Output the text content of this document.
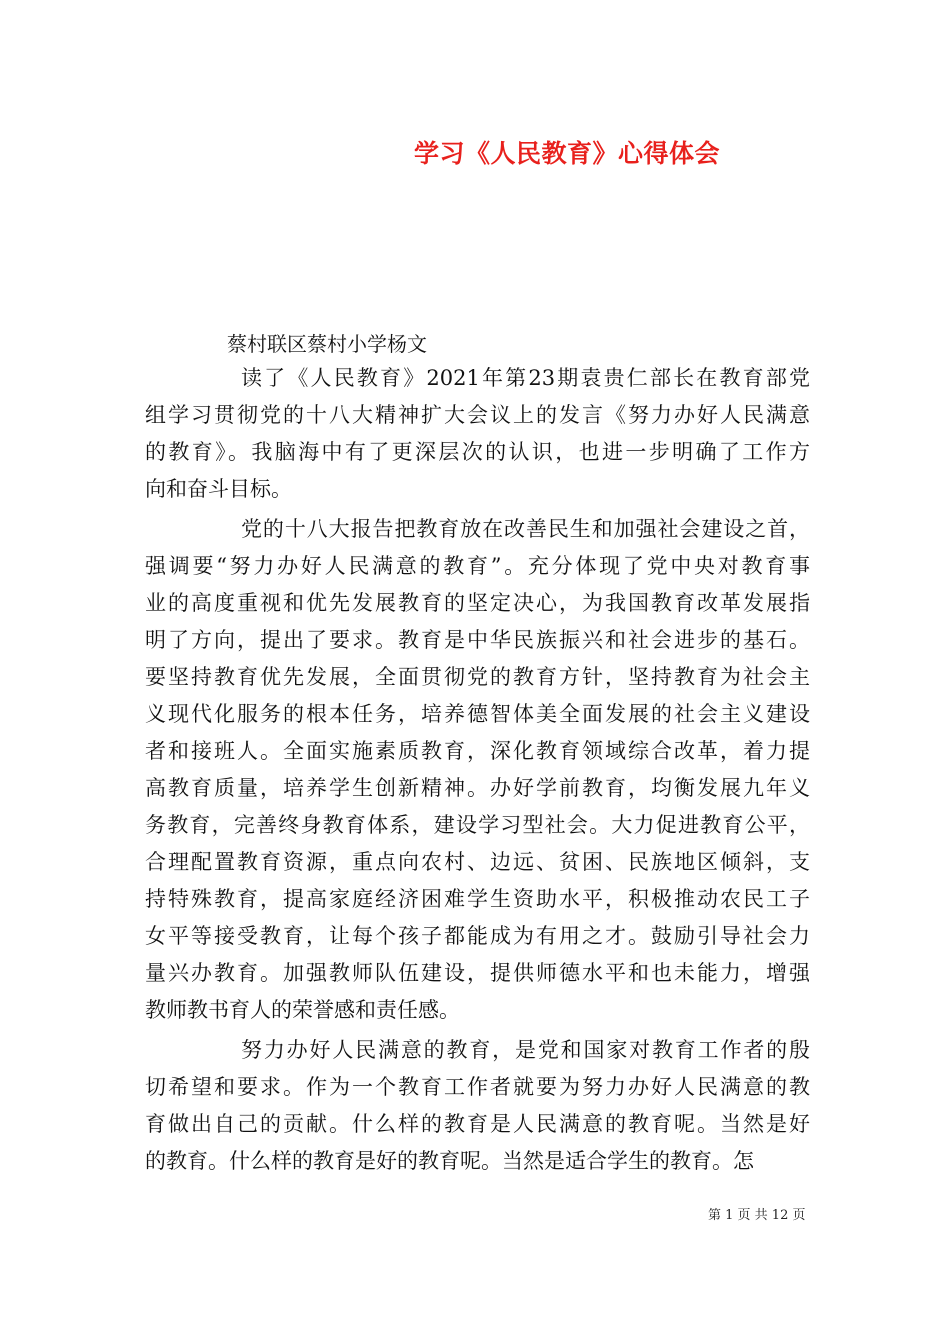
学习《人民教育》心得体会
蔡村联区蔡村小学杨文
读了《人民教育》2021年第23期袁贵仁部长在教育部党
组学习贯彻党的十八大精神扩大会议上的发言《努力办好人民满意
的教育》。我脑海中有了更深层次的认识，也进一步明确了工作方
向和奋斗目标。
党的十八大报告把教育放在改善民生和加强社会建设之首，
强调要“努力办好人民满意的教育”。充分体现了党中央对教育事
业的高度重视和优先发展教育的坚定决心，为我国教育改革发展指
明了方向，提出了要求。教育是中华民族振兴和社会进步的基石。
要坚持教育优先发展，全面贯彻党的教育方针，坚持教育为社会主
义现代化服务的根本任务，培养德智体美全面发展的社会主义建设
者和接班人。全面实施素质教育，深化教育领域综合改革，着力提
高教育质量，培养学生创新精神。办好学前教育，均衡发展九年义
务教育，完善终身教育体系，建设学习型社会。大力促进教育公平，
合理配置教育资源，重点向农村、边远、贫困、民族地区倾斜，支
持特殊教育，提高家庭经济困难学生资助水平，积极推动农民工子
女平等接受教育，让每个孩子都能成为有用之才。鼓励引导社会力
量兴办教育。加强教师队伍建设，提供师德水平和也未能力，增强
教师教书育人的荣誉感和责任感。
努力办好人民满意的教育，是党和国家对教育工作者的殷
切希望和要求。作为一个教育工作者就要为努力办好人民满意的教
育做出自己的贡献。什么样的教育是人民满意的教育呢。当然是好
的教育。什么样的教育是好的教育呢。当然是适合学生的教育。怎
第 1 页 共 12 页
